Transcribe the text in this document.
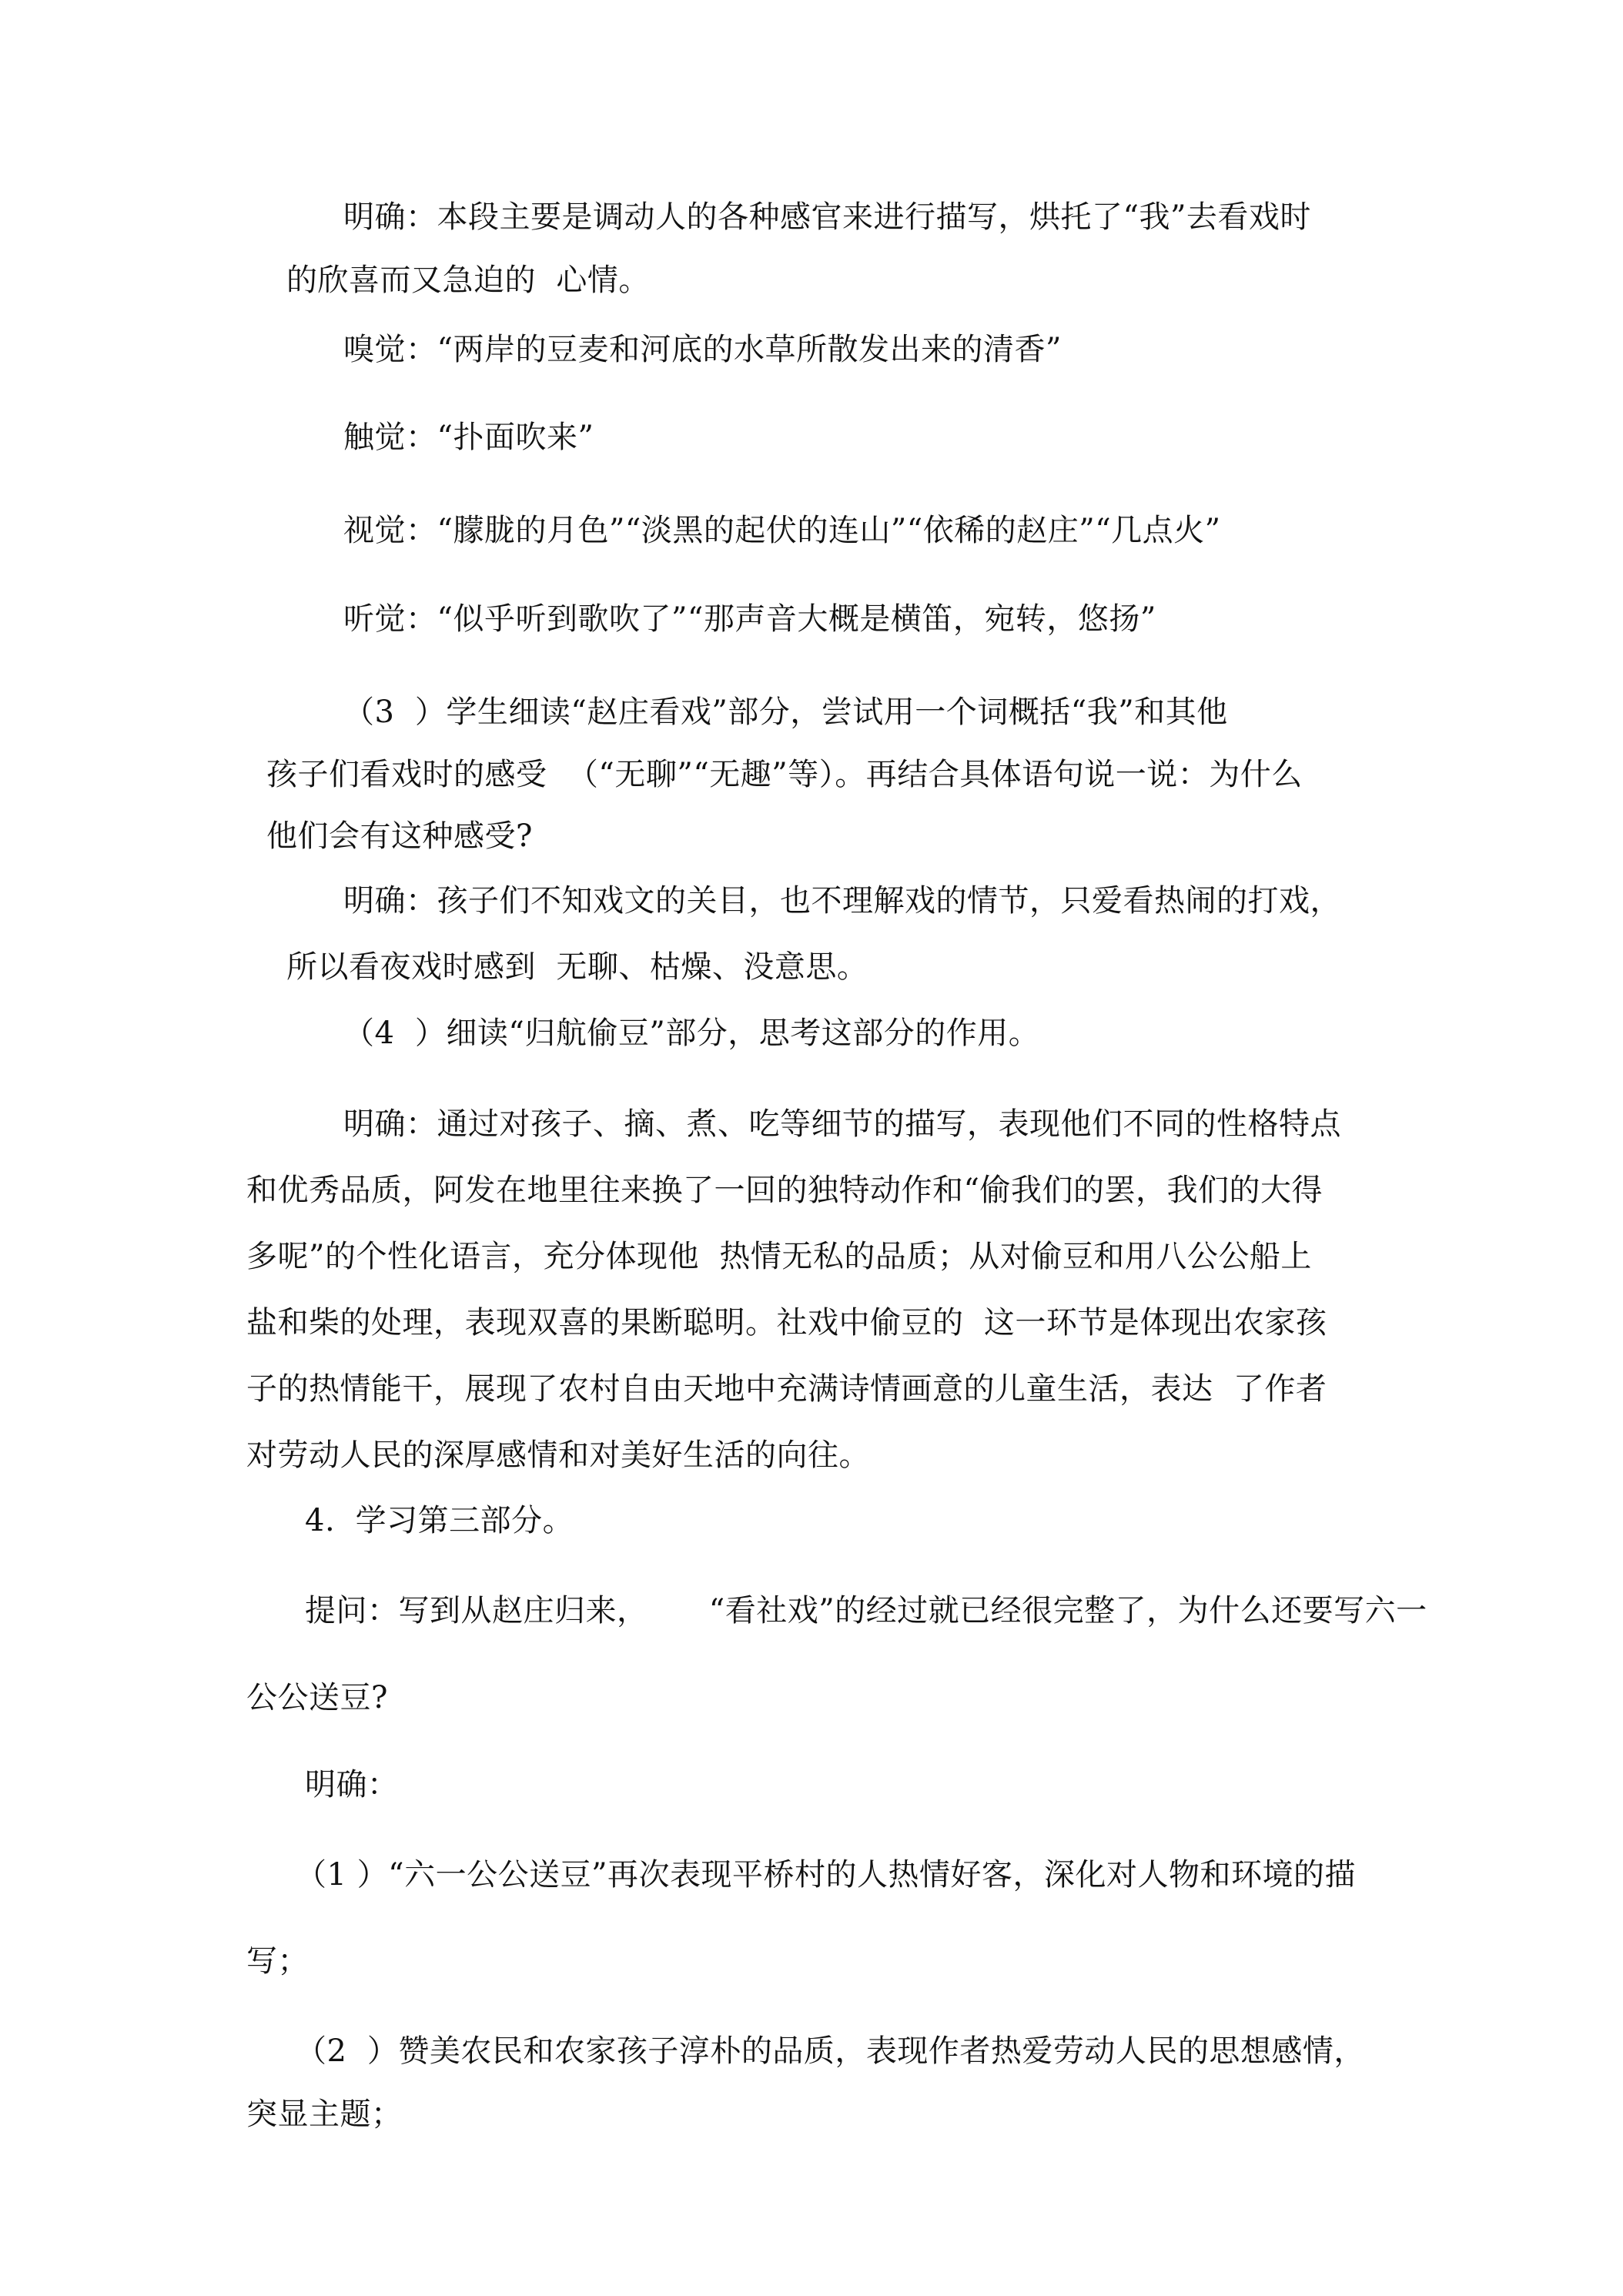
明确：本段主要是调动人的各种感官来进行描写，烘托了“我”去看戏时
的欣喜而又急迫的  心情。
嗅觉：“两岸的豆麦和河底的水草所散发出来的清香”
触觉：“扑面吹来”
视觉：“朦胧的月色”“淡黑的起伏的连山”“依稀的赵庄”“几点火”
听觉：“似乎听到歌吹了”“那声音大概是横笛，宛转，悠扬”
（3  ）学生细读“赵庄看戏”部分，尝试用一个词概括“我”和其他
孩子们看戏时的感受  （“无聊”“无趣”等）。再结合具体语句说一说：为什么
他们会有这种感受?
明确：孩子们不知戏文的关目，也不理解戏的情节，只爱看热闹的打戏，
所以看夜戏时感到  无聊、枯燥、没意思。
（4  ）细读“归航偷豆”部分，思考这部分的作用。
明确：通过对孩子、摘、煮、吃等细节的描写，表现他们不同的性格特点
和优秀品质，阿发在地里往来换了一回的独特动作和“偷我们的罢，我们的大得
多呢”的个性化语言，充分体现他  热情无私的品质；从对偷豆和用八公公船上
盐和柴的处理，表现双喜的果断聪明。社戏中偷豆的  这一环节是体现出农家孩
子的热情能干，展现了农村自由天地中充满诗情画意的儿童生活，表达  了作者
对劳动人民的深厚感情和对美好生活的向往。
4.  学习第三部分。
提问：写到从赵庄归来，      “看社戏”的经过就已经很完整了，为什么还要写六一
公公送豆?
明确：
（1 ）“六一公公送豆”再次表现平桥村的人热情好客，深化对人物和环境的描
写；
（2  ）赞美农民和农家孩子淳朴的品质，表现作者热爱劳动人民的思想感情，
突显主题；
